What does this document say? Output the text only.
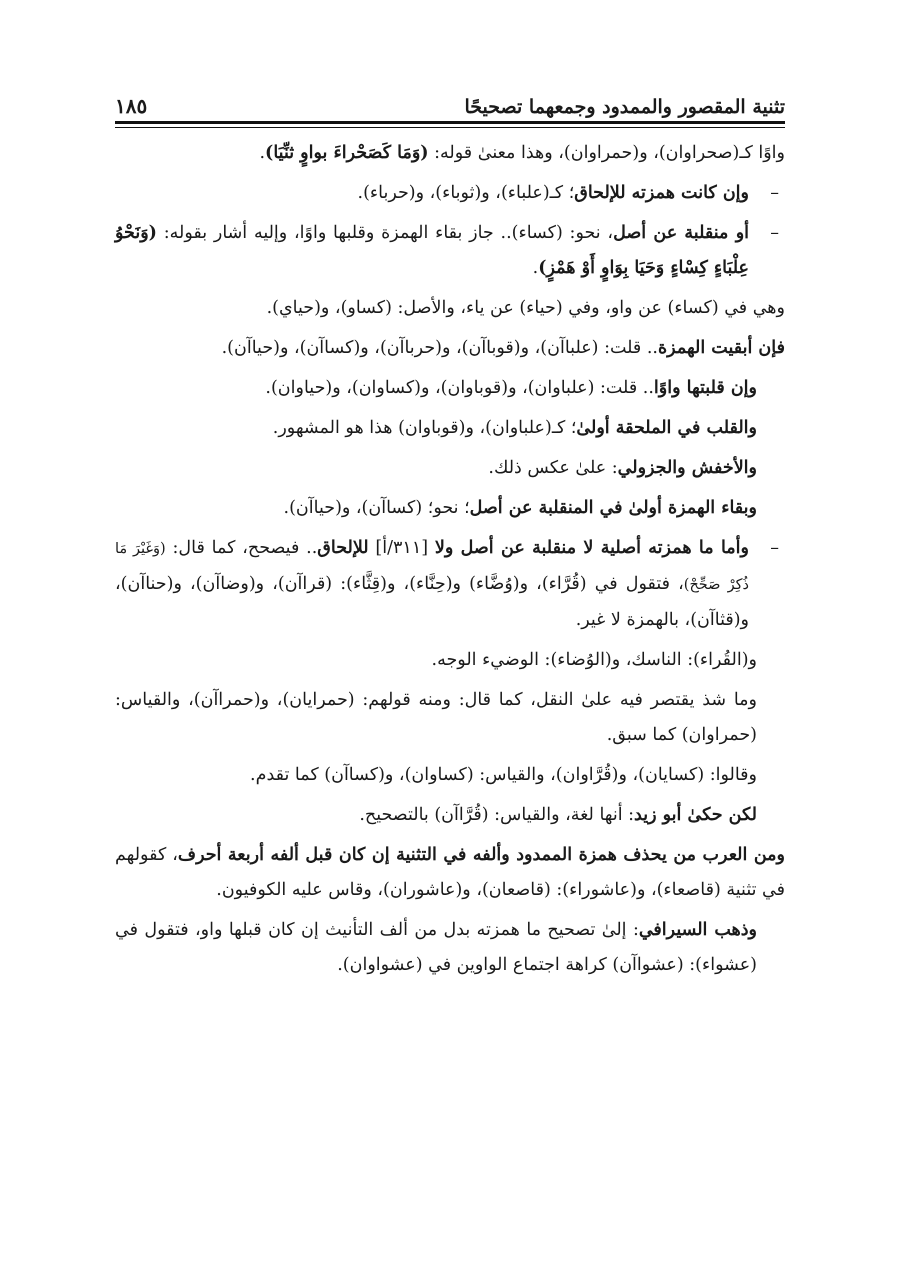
تثنية المقصور والممدود وجمعهما تصحيحًا
١٨٥

واوًا كـ(صحراوان)، و(حمراوان)، وهذا معنىٰ قوله: (وَمَا كَصَحْراءَ بواوٍ ثنِّيَا).

–
وإن كانت همزته للإلحاق؛ كـ(علباء)، و(ثوباء)، و(حرباء).

–
أو منقلبة عن أصل، نحو: (كساء).. جاز بقاء الهمزة وقلبها واوًا، وإليه أشار بقوله: (وَنَحْوُ عِلْبَاءٍ كِسْاءٍ وَحَيَا بِوَاوٍ أَوْ هَمْزٍ).

وهي في (كساء) عن واو، وفي (حياء) عن ياء، والأصل: (كساو)، و(حياي).

فإن أبقيت الهمزة.. قلت: (علباآن)، و(قوباآن)، و(حرباآن)، و(كساآن)، و(حياآن).

وإن قلبتها واوًا.. قلت: (علباوان)، و(قوباوان)، و(كساوان)، و(حياوان).

والقلب في الملحقة أولىٰ؛ كـ(علباوان)، و(قوباوان) هذا هو المشهور.

والأخفش والجزولي: علىٰ عكس ذلك.

وبقاء الهمزة أولىٰ في المنقلبة عن أصل؛ نحو؛ (كساآن)، و(حياآن).

–
وأما ما همزته أصلية لا منقلبة عن أصل ولا [٣١١/أ] للإلحاق.. فيصحح، كما قال: (وَغَيْرَ مَا ذُكِرْ صَحِّحْ)، فتقول في (قُرَّاء)، و(وُضَّاء) و(حِنَّاء)، و(قِثَّاء): (قراآن)، و(وضاآن)، و(حناآن)، و(قثاآن)، بالهمزة لا غير.

و(القُراء): الناسك، و(الوُضاء): الوضيء الوجه.

وما شذ يقتصر فيه علىٰ النقل، كما قال: ومنه قولهم: (حمرايان)، و(حمراآن)، والقياس: (حمراوان) كما سبق.

وقالوا: (كسايان)، و(قُرَّاوان)، والقياس: (كساوان)، و(كساآن) كما تقدم.

لكن حكىٰ أبو زيد: أنها لغة، والقياس: (قُرَّاآن) بالتصحيح.

ومن العرب من يحذف همزة الممدود وألفه في التثنية إن كان قبل ألفه أربعة أحرف، كقولهم في تثنية (قاصعاء)، و(عاشوراء): (قاصعان)، و(عاشوران)، وقاس عليه الكوفيون.

وذهب السيرافي: إلىٰ تصحيح ما همزته بدل من ألف التأنيث إن كان قبلها واو، فتقول في (عشواء): (عشواآن) كراهة اجتماع الواوين في (عشواوان).
